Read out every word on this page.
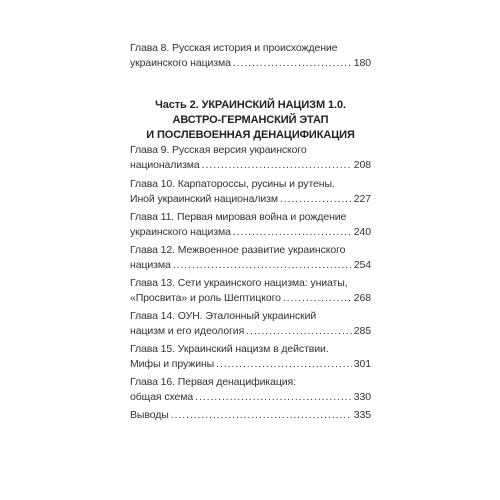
Глава 8. Русская история и происхождение
украинского нацизма . . .	180
Часть 2. УКРАИНСКИЙ НАЦИЗМ 1.0.
АВСТРО-ГЕРМАНСКИЙ ЭТАП
И ПОСЛЕВОЕННАЯ ДЕНАЦИФИКАЦИЯ
Глава 9. Русская версия украинского
национализма . . .	208
Глава 10. Карпатороссы, русины и рутены.
Иной украинский национализм . . .	227
Глава 11. Первая мировая война и рождение
украинского нацизма . . .	240
Глава 12. Межвоенное развитие украинского
нацизма . . .	254
Глава 13. Сети украинского нацизма: униаты,
«Просвита» и роль Шептицкого . . .	268
Глава 14. ОУН. Эталонный украинский
нацизм и его идеология . . .	285
Глава 15. Украинский нацизм в действии.
Мифы и пружины . . .	301
Глава 16. Первая денацификация:
общая схема . . .	330
Выводы . . .	335
